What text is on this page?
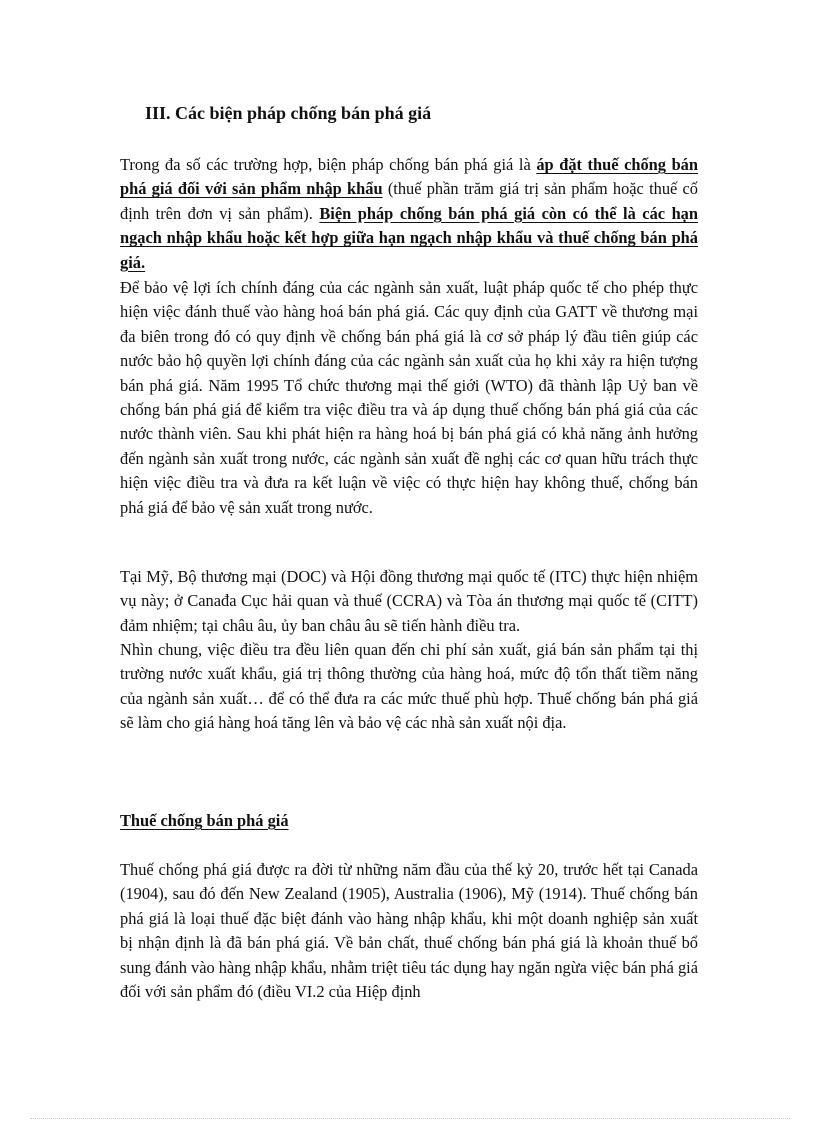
III. Các biện pháp chống bán phá giá

Trong đa số các trường hợp, biện pháp chống bán phá giá là áp đặt thuế chống bán phá giá đối với sản phẩm nhập khẩu (thuế phần trăm giá trị sản phẩm hoặc thuế cố định trên đơn vị sản phẩm). Biện pháp chống bán phá giá còn có thể là các hạn ngạch nhập khẩu hoặc kết hợp giữa hạn ngạch nhập khẩu và thuế chống bán phá giá.

Để bảo vệ lợi ích chính đáng của các ngành sản xuất, luật pháp quốc tế cho phép thực hiện việc đánh thuế vào hàng hoá bán phá giá. Các quy định của GATT về thương mại đa biên trong đó có quy định về chống bán phá giá là cơ sở pháp lý đầu tiên giúp các nước bảo hộ quyền lợi chính đáng của các ngành sản xuất của họ khi xảy ra hiện tượng bán phá giá. Năm 1995 Tổ chức thương mại thế giới (WTO) đã thành lập Uỷ ban về chống bán phá giá để kiểm tra việc điều tra và áp dụng thuế chống bán phá giá của các nước thành viên. Sau khi phát hiện ra hàng hoá bị bán phá giá có khả năng ảnh hưởng đến ngành sản xuất trong nước, các ngành sản xuất đề nghị các cơ quan hữu trách thực hiện việc điều tra và đưa ra kết luận về việc có thực hiện hay không thuế, chống bán phá giá để bảo vệ sản xuất trong nước.

Tại Mỹ, Bộ thương mại (DOC) và Hội đồng thương mại quốc tế (ITC) thực hiện nhiệm vụ này; ở Canađa Cục hải quan và thuế (CCRA) và Tòa án thương mại quốc tế (CITT) đảm nhiệm; tại châu âu, ủy ban châu âu sẽ tiến hành điều tra.

Nhìn chung, việc điều tra đều liên quan đến chi phí sản xuất, giá bán sản phẩm tại thị trường nước xuất khẩu, giá trị thông thường của hàng hoá, mức độ tổn thất tiềm năng của ngành sản xuất… để có thể đưa ra các mức thuế phù hợp. Thuế chống bán phá giá sẽ làm cho giá hàng hoá tăng lên và bảo vệ các nhà sản xuất nội địa.

Thuế chống bán phá giá

Thuế chống phá giá được ra đời từ những năm đầu của thế kỷ 20, trước hết tại Canada (1904), sau đó đến New Zealand (1905), Australia (1906), Mỹ (1914). Thuế chống bán phá giá là loại thuế đặc biệt đánh vào hàng nhập khẩu, khi một doanh nghiệp sản xuất bị nhận định là đã bán phá giá. Về bản chất, thuế chống bán phá giá là khoản thuế bổ sung đánh vào hàng nhập khẩu, nhằm triệt tiêu tác dụng hay ngăn ngừa việc bán phá giá đối với sản phẩm đó (điều VI.2 của Hiệp định
